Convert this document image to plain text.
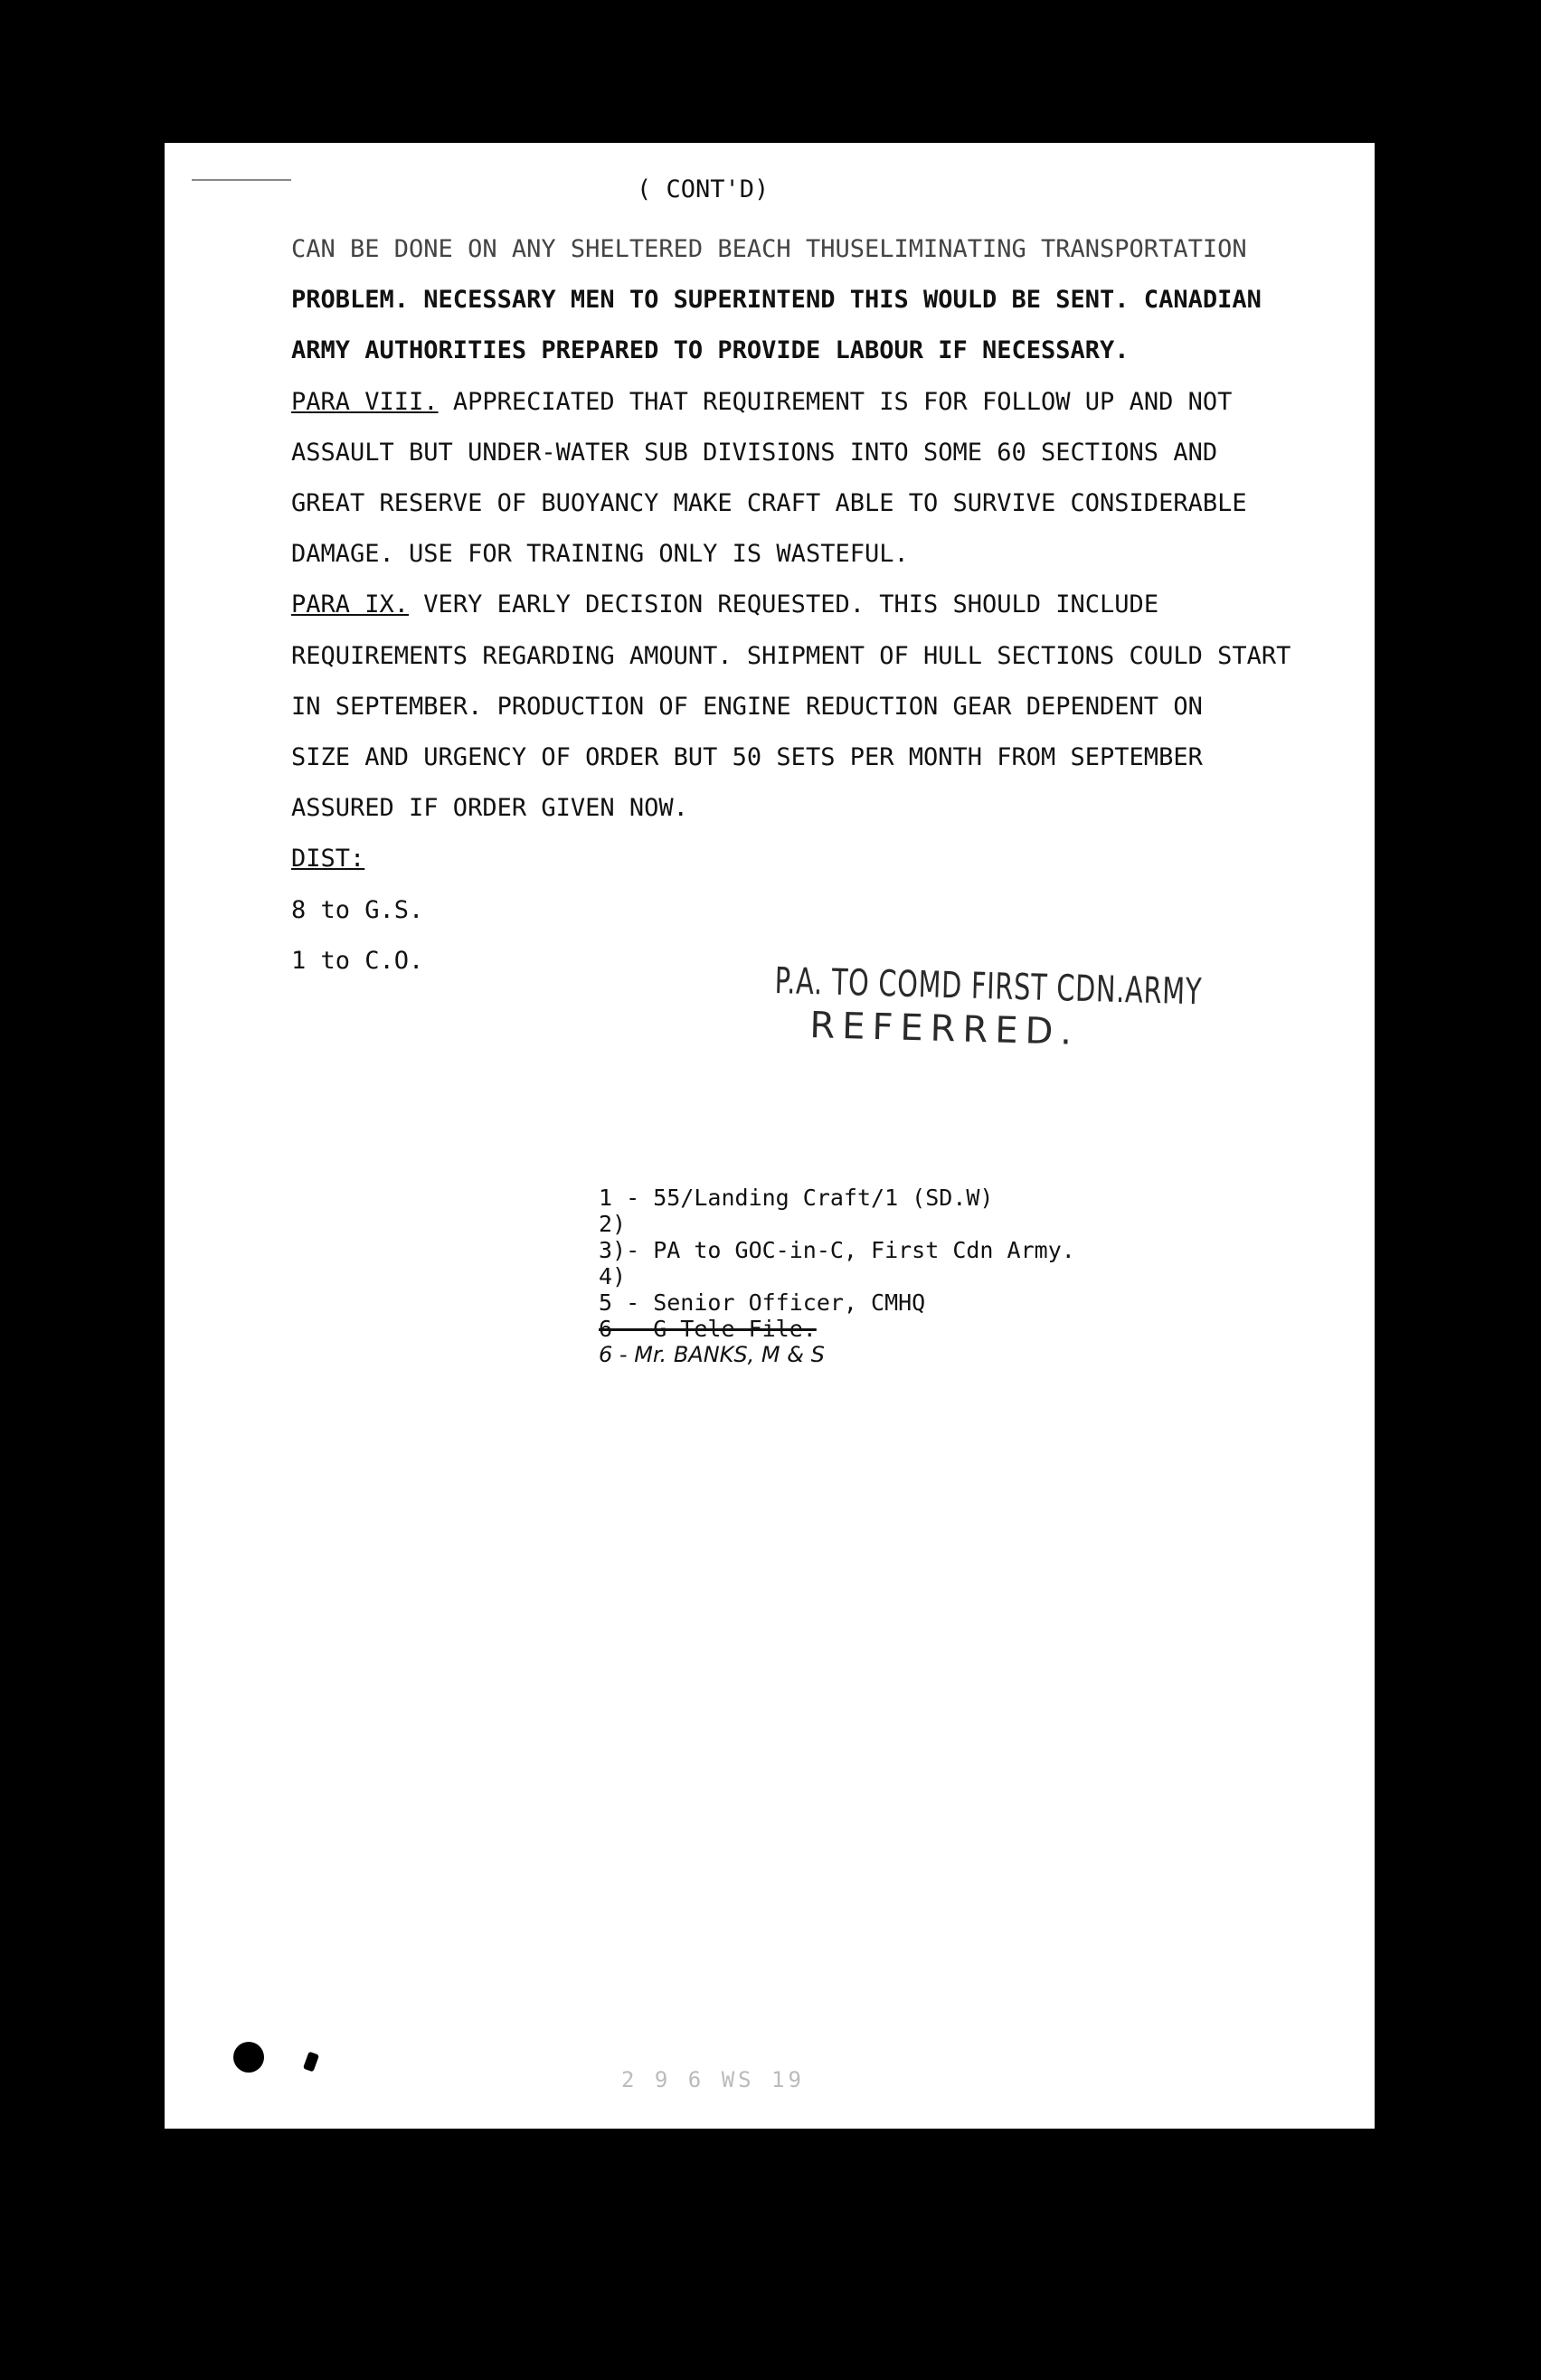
( CONT'D)
CAN BE DONE ON ANY SHELTERED BEACH THUSELIMINATING TRANSPORTATION
PROBLEM. NECESSARY MEN TO SUPERINTEND THIS WOULD BE SENT. CANADIAN
ARMY AUTHORITIES PREPARED TO PROVIDE LABOUR IF NECESSARY.
PARA VIII. APPRECIATED THAT REQUIREMENT IS FOR FOLLOW UP AND NOT
ASSAULT BUT UNDER-WATER SUB DIVISIONS INTO SOME 60 SECTIONS AND
GREAT RESERVE OF BUOYANCY MAKE CRAFT ABLE TO SURVIVE CONSIDERABLE
DAMAGE. USE FOR TRAINING ONLY IS WASTEFUL.
PARA IX. VERY EARLY DECISION REQUESTED. THIS SHOULD INCLUDE
REQUIREMENTS REGARDING AMOUNT. SHIPMENT OF HULL SECTIONS COULD START
IN SEPTEMBER. PRODUCTION OF ENGINE REDUCTION GEAR DEPENDENT ON
SIZE AND URGENCY OF ORDER BUT 50 SETS PER MONTH FROM SEPTEMBER
ASSURED IF ORDER GIVEN NOW.
DIST:
8 to G.S.
1 to C.O.	P.A. TO COMD FIRST CDN.ARMY
REFERRED.
1 - 55/Landing Craft/1 (SD.W)
2)
3)- PA to GOC-in-C, First Cdn Army.
4)
5 - Senior Officer, CMHQ
6 - G Tele File.
6 - Mr. BANKS, M & S
2 9 6 WS 19
